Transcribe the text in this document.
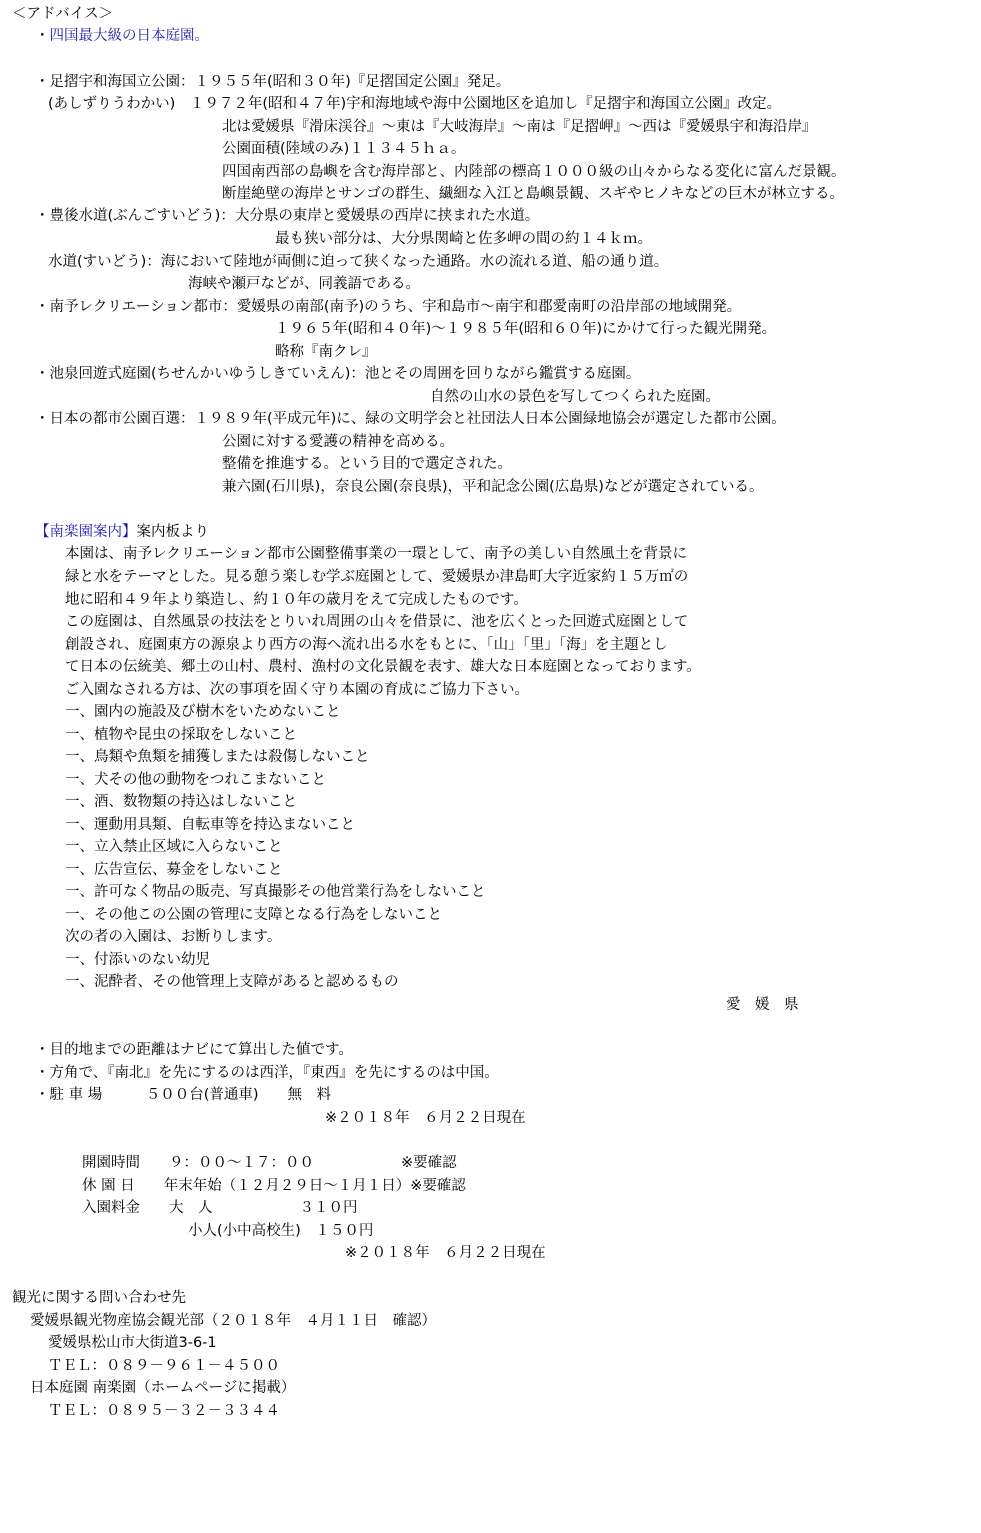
＜アドバイス＞
・四国最大級の日本庭園。
・足摺宇和海国立公園：１９５５年(昭和３０年)『足摺国定公園』発足。
(あしずりうわかい)　１９７２年(昭和４７年)宇和海地域や海中公園地区を追加し『足摺宇和海国立公園』改定。
北は愛媛県『滑床渓谷』～東は『大岐海岸』～南は『足摺岬』～西は『愛媛県宇和海沿岸』
公園面積(陸域のみ)１１３４５ｈａ。
四国南西部の島嶼を含む海岸部と、内陸部の標高１０００級の山々からなる変化に富んだ景観。
断崖絶壁の海岸とサンゴの群生、繊細な入江と島嶼景観、スギやヒノキなどの巨木が林立する。
・豊後水道(ぶんごすいどう)：大分県の東岸と愛媛県の西岸に挟まれた水道。
最も狭い部分は、大分県関崎と佐多岬の間の約１４ｋｍ。
水道(すいどう)：海において陸地が両側に迫って狭くなった通路。水の流れる道、船の通り道。
海峡や瀬戸などが、同義語である。
・南予レクリエーション都市：愛媛県の南部(南予)のうち、宇和島市～南宇和郡愛南町の沿岸部の地域開発。
１９６５年(昭和４０年)～１９８５年(昭和６０年)にかけて行った観光開発。
略称『南クレ』
・池泉回遊式庭園(ちせんかいゆうしきていえん)：池とその周囲を回りながら鑑賞する庭園。
自然の山水の景色を写してつくられた庭園。
・日本の都市公園百選：１９８９年(平成元年)に、緑の文明学会と社団法人日本公園緑地協会が選定した都市公園。
公園に対する愛護の精神を高める。
整備を推進する。という目的で選定された。
兼六園(石川県)，奈良公園(奈良県)，平和記念公園(広島県)などが選定されている。
【南楽園案内】案内板より
本園は、南予レクリエーション都市公園整備事業の一環として、南予の美しい自然風土を背景に
緑と水をテーマとした。見る憩う楽しむ学ぶ庭園として、愛媛県か津島町大字近家約１５万㎡の
地に昭和４９年より築造し、約１０年の歳月をえて完成したものです。
この庭園は、自然風景の技法をとりいれ周囲の山々を借景に、池を広くとった回遊式庭園として
創設され、庭園東方の源泉より西方の海へ流れ出る水をもとに、「山」「里」「海」を主題とし
て日本の伝統美、郷土の山村、農村、漁村の文化景観を表す、雄大な日本庭園となっております。
ご入園なされる方は、次の事項を固く守り本園の育成にご協力下さい。
一、園内の施設及び樹木をいためないこと
一、植物や昆虫の採取をしないこと
一、鳥類や魚類を捕獲しまたは殺傷しないこと
一、犬その他の動物をつれこまないこと
一、酒、数物類の持込はしないこと
一、運動用具類、自転車等を持込まないこと
一、立入禁止区域に入らないこと
一、広告宣伝、募金をしないこと
一、許可なく物品の販売、写真撮影その他営業行為をしないこと
一、その他この公園の管理に支障となる行為をしないこと
次の者の入園は、お断りします。
一、付添いのない幼児
一、泥酔者、その他管理上支障があると認めるもの
愛　媛　県
・目的地までの距離はナビにて算出した値です。
・方角で、『南北』を先にするのは西洋，『東西』を先にするのは中国。
・駐 車 場　　　５００台(普通車)　　無　料
※２０１８年　６月２２日現在
開園時間　　９：００～１７：００　　　　　　※要確認
休 園 日　　年末年始（１２月２９日～１月１日）※要確認
入園料金　　大　人　　　　　　３１０円
小人(小中高校生)　１５０円
※２０１８年　６月２２日現在
観光に関する問い合わせ先
愛媛県観光物産協会観光部（２０１８年　４月１１日　確認）
愛媛県松山市大街道3-6-1
ＴＥＬ：０８９－９６１－４５００
日本庭園 南楽園（ホームページに掲載）
ＴＥＬ：０８９５－３２－３３４４
